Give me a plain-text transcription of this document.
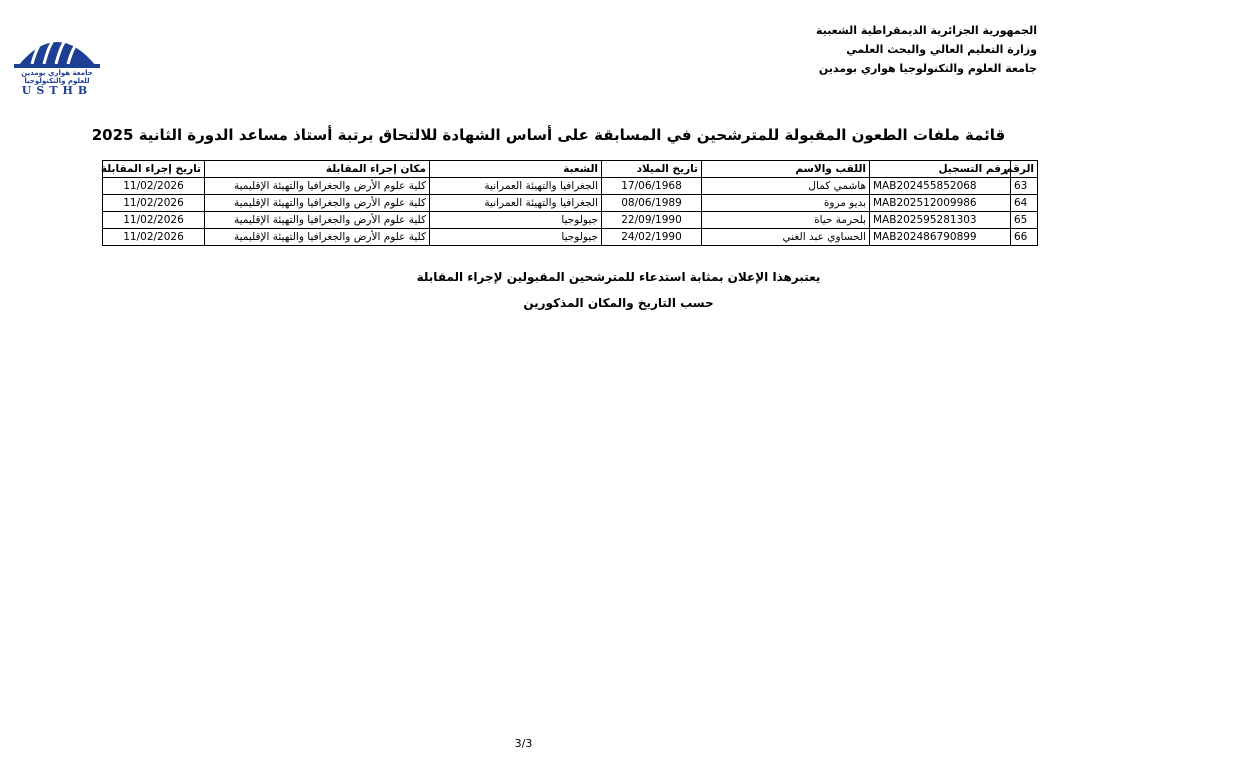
جامعة هواري بومدين للعلوم والتكنولوجيا
USTHB
الجمهورية الجزائرية الديمقراطية الشعبية
وزارة التعليم العالي والبحث العلمي
جامعة العلوم والتكنولوجيا هواري بومدين
قائمة ملفات الطعون المقبولة للمترشحين في المسابقة على أساس الشهادة للالتحاق برتبة أستاذ مساعد الدورة الثانية 2025
الرقم	رقم التسجيل	اللقب والاسم	تاريخ الميلاد	الشعبة	مكان إجراء المقابلة	تاريخ إجراء المقابلة
63	MAB202455852068	هاشمي كمال	17/06/1968	الجغرافيا والتهيئة العمرانية	كلية علوم الأرض والجغرافيا والتهيئة الإقليمية	11/02/2026
64	MAB202512009986	بديو مروة	08/06/1989	الجغرافيا والتهيئة العمرانية	كلية علوم الأرض والجغرافيا والتهيئة الإقليمية	11/02/2026
65	MAB202595281303	بلحرمة حياة	22/09/1990	جيولوجيا	كلية علوم الأرض والجغرافيا والتهيئة الإقليمية	11/02/2026
66	MAB202486790899	الحساوي عبد الغني	24/02/1990	جيولوجيا	كلية علوم الأرض والجغرافيا والتهيئة الإقليمية	11/02/2026
يعتبرهذا الإعلان بمثابة استدعاء للمترشحين المقبولين لإجراء المقابلة
حسب التاريخ والمكان المذكورين
3/3
